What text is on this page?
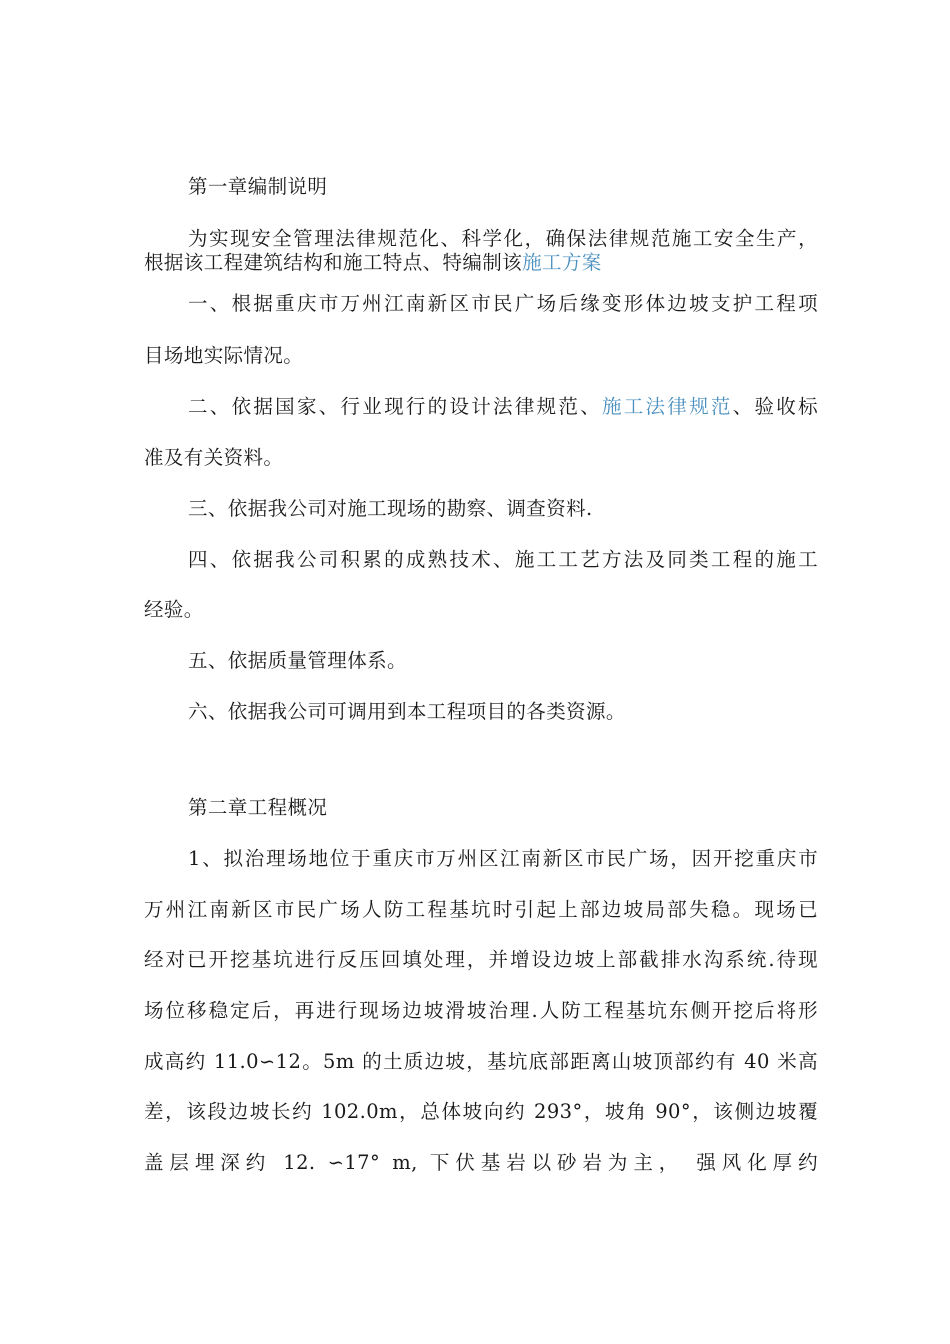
第一章编制说明
为实现安全管理法律规范化、科学化，确保法律规范施工安全生产，
根据该工程建筑结构和施工特点、特编制该施工方案
一、根据重庆市万州江南新区市民广场后缘变形体边坡支护工程项
目场地实际情况。
二、依据国家、行业现行的设计法律规范、施工法律规范、验收标
准及有关资料。
三、依据我公司对施工现场的勘察、调查资料.
四、依据我公司积累的成熟技术、施工工艺方法及同类工程的施工
经验。
五、依据质量管理体系。
六、依据我公司可调用到本工程项目的各类资源。
第二章工程概况
1、拟治理场地位于重庆市万州区江南新区市民广场，因开挖重庆市
万州江南新区市民广场人防工程基坑时引起上部边坡局部失稳。现场已
经对已开挖基坑进行反压回填处理，并增设边坡上部截排水沟系统.待现
场位移稳定后，再进行现场边坡滑坡治理.人防工程基坑东侧开挖后将形
成高约 11.0∽12。5m 的土质边坡，基坑底部距离山坡顶部约有 40 米高
差，该段边坡长约 102.0m，总体坡向约 293°，坡角 90°，该侧边坡覆
盖层埋深约 12. ∽17° m, 下伏基岩以砂岩为主， 强风化厚约
